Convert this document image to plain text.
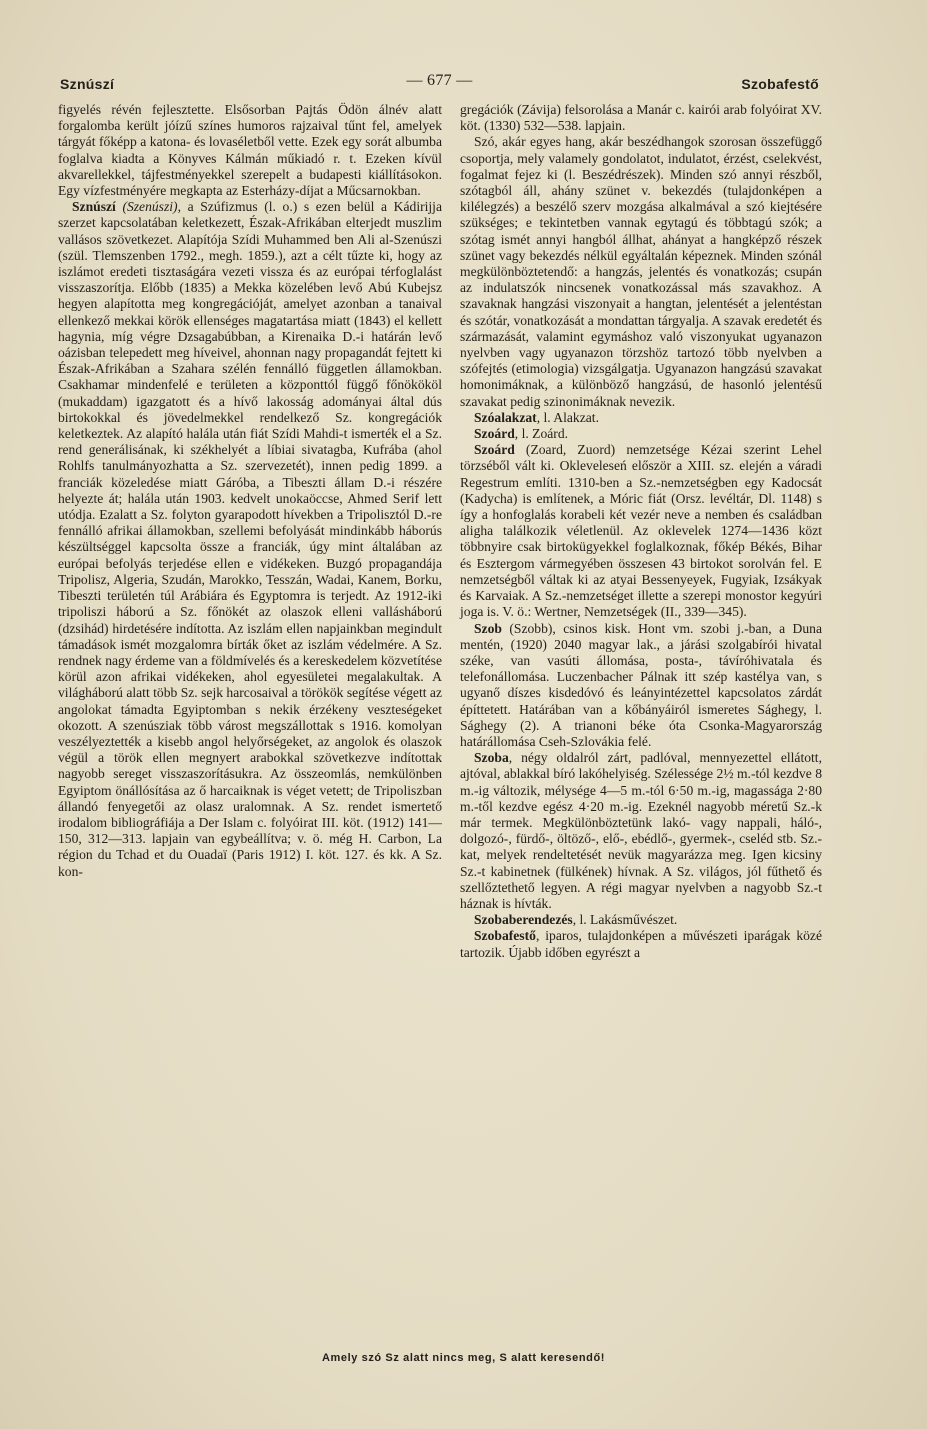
Sznúszí	— 677 —	Szobafestő

figyelés révén fejlesztette. Elsősorban Pajtás Ödön álnév alatt forgalomba került jóízű színes humoros rajzaival tűnt fel, amelyek tárgyát főképp a katona- és lovaséletből vette. Ezek egy sorát albumba foglalva kiadta a Könyves Kálmán műkiadó r. t. Ezeken kívül akvarellekkel, tájfestményekkel szerepelt a budapesti kiállításokon. Egy vízfestményére megkapta az Esterházy-díjat a Műcsarnokban.

Sznúszí (Szenúszi), a Szúfizmus (l. o.) s ezen belül a Kádirijja szerzet kapcsolatában keletkezett, Észak-Afrikában elterjedt muszlim vallásos szövetkezet. Alapítója Szídi Muhammed ben Ali al-Szenúszi (szül. Tlemszenben 1792., megh. 1859.), azt a célt tűzte ki, hogy az iszlámot eredeti tisztaságára vezeti vissza és az európai térfoglalást visszaszorítja. Előbb (1835) a Mekka közelében levő Abú Kubejsz hegyen alapította meg kongregációját, amelyet azonban a tanaival ellenkező mekkai körök ellenséges magatartása miatt (1843) el kellett hagynia, míg végre Dzsagabúbban, a Kirenaika D.-i határán levő oázisban telepedett meg híveivel, ahonnan nagy propagandát fejtett ki Észak-Afrikában a Szahara szélén fennálló független államokban. Csakhamar mindenfelé e területen a központtól függő főnökököl (mukaddam) igazgatott és a hívő lakosság adományai által dús birtokokkal és jövedelmekkel rendelkező Sz. kongregációk keletkeztek. Az alapító halála után fiát Szídi Mahdi-t ismerték el a Sz. rend generálisának, ki székhelyét a líbiai sivatagba, Kufrába (ahol Rohlfs tanulmányozhatta a Sz. szervezetét), innen pedig 1899. a franciák közeledése miatt Gáróba, a Tibeszti állam D.-i részére helyezte át; halála után 1903. kedvelt unokaöccse, Ahmed Serif lett utódja. Ezalatt a Sz. folyton gyarapodott hívekben a Tripolisztól D.-re fennálló afrikai államokban, szellemi befolyását mindinkább háborús készültséggel kapcsolta össze a franciák, úgy mint általában az európai befolyás terjedése ellen e vidékeken. Buzgó propagandája Tripolisz, Algeria, Szudán, Marokko, Tesszán, Wadai, Kanem, Borku, Tibeszti területén túl Arábiára és Egyptomra is terjedt. Az 1912-iki tripoliszi háború a Sz. főnökét az olaszok elleni vallásháború (dzsihád) hirdetésére indította. Az iszlám ellen napjainkban megindult támadások ismét mozgalomra bírták őket az iszlám védelmére. A Sz. rendnek nagy érdeme van a földmívelés és a kereskedelem közvetítése körül azon afrikai vidékeken, ahol egyesületei megalakultak. A világháború alatt több Sz. sejk harcosaival a törökök segítése végett az angolokat támadta Egyiptomban s nekik érzékeny veszteségeket okozott. A szenúsziak több várost megszállottak s 1916. komolyan veszélyeztették a kisebb angol helyőrségeket, az angolok és olaszok végül a török ellen megnyert arabokkal szövetkezve indítottak nagyobb sereget visszaszorításukra. Az összeomlás, nemkülönben Egyiptom önállósítása az ő harcaiknak is véget vetett; de Tripoliszban állandó fenyegetői az olasz uralomnak. A Sz. rendet ismertető irodalom bibliográfiája a Der Islam c. folyóirat III. köt. (1912) 141—150, 312—313. lapjain van egybeállítva; v. ö. még H. Carbon, La région du Tchad et du Ouadaï (Paris 1912) I. köt. 127. és kk. A Sz. kon-

gregációk (Závija) felsorolása a Manár c. kairói arab folyóirat XV. köt. (1330) 532—538. lapjain.

Szó, akár egyes hang, akár beszédhangok szorosan összefüggő csoportja, mely valamely gondolatot, indulatot, érzést, cselekvést, fogalmat fejez ki (l. Beszédrészek). Minden szó annyi részből, szótagból áll, ahány szünet v. bekezdés (tulajdonképen a kilélegzés) a beszélő szerv mozgása alkalmával a szó kiejtésére szükséges; e tekintetben vannak egytagú és többtagú szók; a szótag ismét annyi hangból állhat, ahányat a hangképző részek szünet vagy bekezdés nélkül egyáltalán képeznek. Minden szónál megkülönböztetendő: a hangzás, jelentés és vonatkozás; csupán az indulatszók nincsenek vonatkozással más szavakhoz. A szavaknak hangzási viszonyait a hangtan, jelentését a jelentéstan és szótár, vonatkozását a mondattan tárgyalja. A szavak eredetét és származását, valamint egymáshoz való viszonyukat ugyanazon nyelvben vagy ugyanazon törzshöz tartozó több nyelvben a szófejtés (etimologia) vizsgálgatja. Ugyanazon hangzású szavakat homonimáknak, a különböző hangzású, de hasonló jelentésű szavakat pedig szinonimáknak nevezik.

Szóalakzat, l. Alakzat.

Szoárd, l. Zoárd.

Szoárd (Zoard, Zuord) nemzetsége Kézai szerint Lehel törzséből vált ki. Okleveleseń először a XIII. sz. elején a váradi Regestrum említi. 1310-ben a Sz.-nemzetségben egy Kadocsát (Kadycha) is említenek, a Móric fiát (Orsz. levéltár, Dl. 1148) s így a honfoglalás korabeli két vezér neve a nemben és családban aligha találkozik véletlenül. Az oklevelek 1274—1436 közt többnyire csak birtokügyekkel foglalkoznak, főkép Békés, Bihar és Esztergom vármegyében összesen 43 birtokot sorolván fel. E nemzetségből váltak ki az atyai Bessenyeyek, Fugyiak, Izsákyak és Karvaiak. A Sz.-nemzetséget illette a szerepi monostor kegyúri joga is. V. ö.: Wertner, Nemzetségek (II., 339—345).

Szob (Szobb), csinos kisk. Hont vm. szobi j.-ban, a Duna mentén, (1920) 2040 magyar lak., a járási szolgabírói hivatal széke, van vasúti állomása, posta-, távíróhivatala és telefonállomása. Luczenbacher Pálnak itt szép kastélya van, s ugyanő díszes kisdedóvó és leányintézettel kapcsolatos zárdát építtetett. Határában van a kőbányáiról ismeretes Sághegy, l. Sághegy (2). A trianoni béke óta Csonka-Magyarország határállomása Cseh-Szlovákia felé.

Szoba, négy oldalról zárt, padlóval, mennyezettel ellátott, ajtóval, ablakkal bíró lakóhelyiség. Szélessége 2½ m.-tól kezdve 8 m.-ig változik, mélysége 4—5 m.-tól 6·50 m.-ig, magassága 2·80 m.-től kezdve egész 4·20 m.-ig. Ezeknél nagyobb méretű Sz.-k már termek. Megkülönböztetünk lakó- vagy nappali, háló-, dolgozó-, fürdő-, öltöző-, elő-, ebédlő-, gyermek-, cseléd stb. Sz.-kat, melyek rendeltetését nevük magyarázza meg. Igen kicsiny Sz.-t kabinetnek (fülkének) hívnak. A Sz. világos, jól fűthető és szellőztethető legyen. A régi magyar nyelvben a nagyobb Sz.-t háznak is hívták.

Szobaberendezés, l. Lakásművészet.

Szobafestő, iparos, tulajdonképen a művészeti iparágak közé tartozik. Újabb időben egyrészt a

Amely szó Sz alatt nincs meg, S alatt keresendő!
